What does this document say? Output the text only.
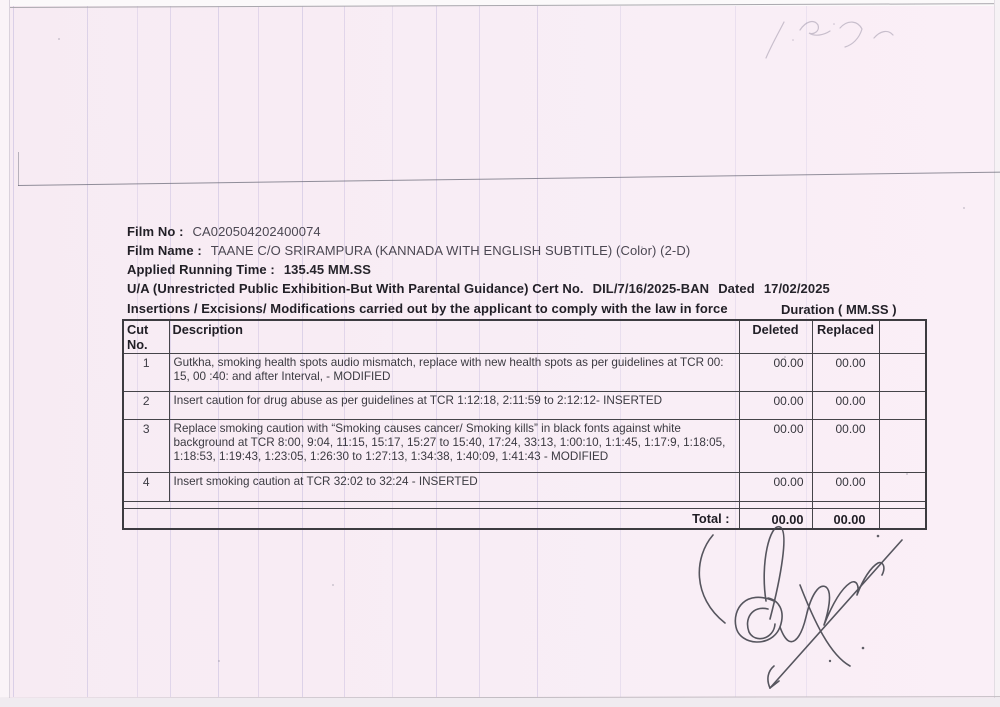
Film No : CA020504202400074
Film Name : TAANE C/O SRIRAMPURA (KANNADA WITH ENGLISH SUBTITLE) (Color) (2-D)
Applied Running Time : 135.45 MM.SS
U/A (Unrestricted Public Exhibition-But With Parental Guidance) Cert No. DIL/7/16/2025-BAN Dated 17/02/2025
Insertions / Excisions/ Modifications carried out by the applicant to comply with the law in force	Duration ( MM.SS )
Cut No.	Description	Deleted	Replaced	
1	Gutkha, smoking health spots audio mismatch, replace with new health spots as per guidelines at TCR 00: 15, 00 :40: and after Interval, - MODIFIED	00.00	00.00	
2	Insert caution for drug abuse as per guidelines at TCR 1:12:18, 2:11:59 to 2:12:12- INSERTED	00.00	00.00	
3	Replace smoking caution with “Smoking causes cancer/ Smoking kills” in black fonts against white background at TCR 8:00, 9:04, 11:15, 15:17, 15:27 to 15:40, 17:24, 33:13, 1:00:10, 1:1:45, 1:17:9, 1:18:05, 1:18:53, 1:19:43, 1:23:05, 1:26:30 to 1:27:13, 1:34:38, 1:40:09, 1:41:43 - MODIFIED	00.00	00.00	
4	Insert smoking caution at TCR 32:02 to 32:24 - INSERTED	00.00	00.00	

Total :		00.00	00.00	
